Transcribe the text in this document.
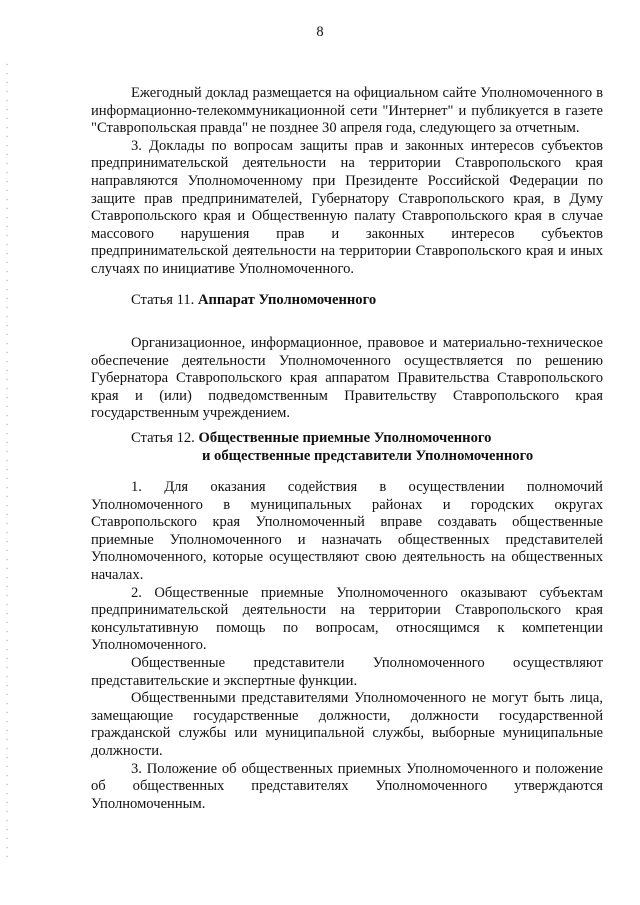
8

Ежегодный доклад размещается на официальном сайте Уполномоченного в информационно-телекоммуникационной сети "Интернет" и публикуется в газете "Ставропольская правда" не позднее 30 апреля года, следующего за отчетным.

3. Доклады по вопросам защиты прав и законных интересов субъектов предпринимательской деятельности на территории Ставропольского края направляются Уполномоченному при Президенте Российской Федерации по защите прав предпринимателей, Губернатору Ставропольского края, в Думу Ставропольского края и Общественную палату Ставропольского края в случае массового нарушения прав и законных интересов субъектов предпринимательской деятельности на территории Ставропольского края и иных случаях по инициативе Уполномоченного.

Статья 11. Аппарат Уполномоченного

Организационное, информационное, правовое и материально-техническое обеспечение деятельности Уполномоченного осуществляется по решению Губернатора Ставропольского края аппаратом Правительства Ставропольского края и (или) подведомственным Правительству Ставропольского края государственным учреждением.

Статья 12. Общественные приемные Уполномоченного
и общественные представители Уполномоченного

1. Для оказания содействия в осуществлении полномочий Уполномоченного в муниципальных районах и городских округах Ставропольского края Уполномоченный вправе создавать общественные приемные Уполномоченного и назначать общественных представителей Уполномоченного, которые осуществляют свою деятельность на общественных началах.

2. Общественные приемные Уполномоченного оказывают субъектам предпринимательской деятельности на территории Ставропольского края консультативную помощь по вопросам, относящимся к компетенции Уполномоченного.

Общественные представители Уполномоченного осуществляют представительские и экспертные функции.

Общественными представителями Уполномоченного не могут быть лица, замещающие государственные должности, должности государственной гражданской службы или муниципальной службы, выборные муниципальные должности.

3. Положение об общественных приемных Уполномоченного и положение об общественных представителях Уполномоченного утверждаются Уполномоченным.
